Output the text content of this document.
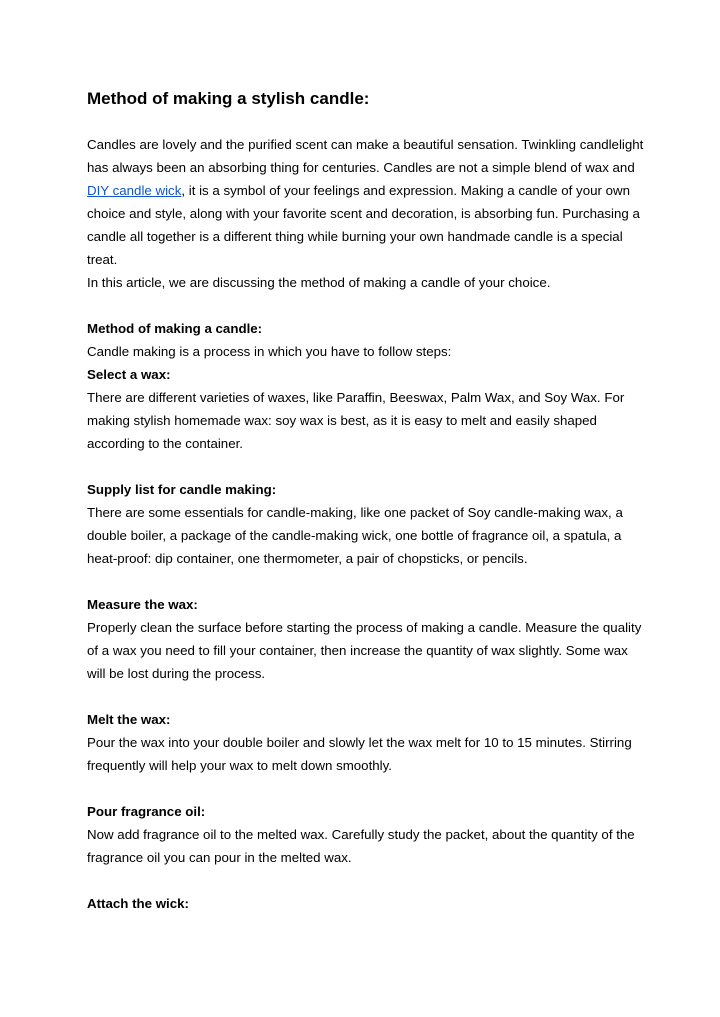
Method of making a stylish candle:

Candles are lovely and the purified scent can make a beautiful sensation. Twinkling candlelight has always been an absorbing thing for centuries. Candles are not a simple blend of wax and DIY candle wick, it is a symbol of your feelings and expression. Making a candle of your own choice and style, along with your favorite scent and decoration, is absorbing fun. Purchasing a candle all together is a different thing while burning your own handmade candle is a special treat.

In this article, we are discussing the method of making a candle of your choice.

Method of making a candle:

Candle making is a process in which you have to follow steps:

Select a wax:

There are different varieties of waxes, like Paraffin, Beeswax, Palm Wax, and Soy Wax. For making stylish homemade wax: soy wax is best, as it is easy to melt and easily shaped according to the container.

Supply list for candle making:

There are some essentials for candle-making, like one packet of Soy candle-making wax, a double boiler, a package of the candle-making wick, one bottle of fragrance oil, a spatula, a heat-proof: dip container, one thermometer, a pair of chopsticks, or pencils.

Measure the wax:

Properly clean the surface before starting the process of making a candle. Measure the quality of a wax you need to fill your container, then increase the quantity of wax slightly. Some wax will be lost during the process.

Melt the wax:

Pour the wax into your double boiler and slowly let the wax melt for 10 to 15 minutes. Stirring frequently will help your wax to melt down smoothly.

Pour fragrance oil:

Now add fragrance oil to the melted wax. Carefully study the packet, about the quantity of the fragrance oil you can pour in the melted wax.

Attach the wick:
